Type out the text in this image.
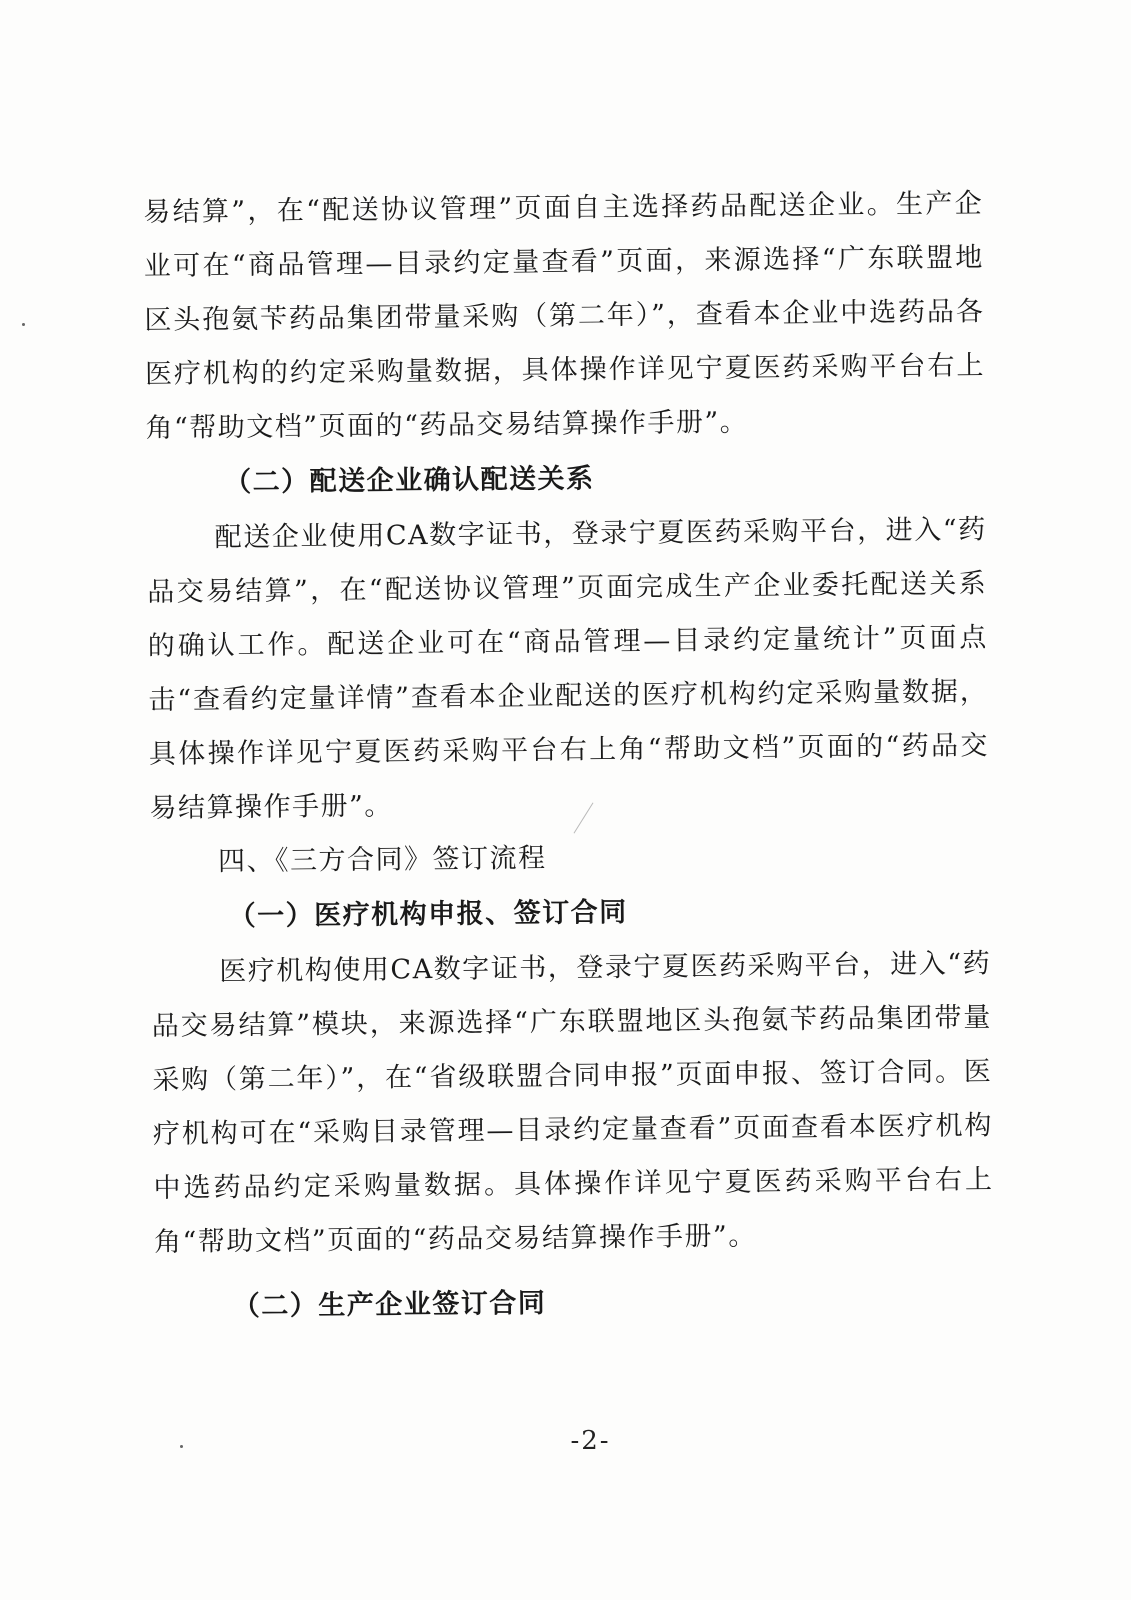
易结算”，在“配送协议管理”页面自主选择药品配送企业。生产企业可在“商品管理—目录约定量查看”页面，来源选择“广东联盟地区头孢氨苄药品集团带量采购（第二年）”，查看本企业中选药品各医疗机构的约定采购量数据，具体操作详见宁夏医药采购平台右上角“帮助文档”页面的“药品交易结算操作手册”。

（二）配送企业确认配送关系

配送企业使用CA数字证书，登录宁夏医药采购平台，进入“药品交易结算”，在“配送协议管理”页面完成生产企业委托配送关系的确认工作。配送企业可在“商品管理—目录约定量统计”页面点击“查看约定量详情”查看本企业配送的医疗机构约定采购量数据，具体操作详见宁夏医药采购平台右上角“帮助文档”页面的“药品交易结算操作手册”。

四、《三方合同》签订流程

（一）医疗机构申报、签订合同

医疗机构使用CA数字证书，登录宁夏医药采购平台，进入“药品交易结算”模块，来源选择“广东联盟地区头孢氨苄药品集团带量采购（第二年）”，在“省级联盟合同申报”页面申报、签订合同。医疗机构可在“采购目录管理—目录约定量查看”页面查看本医疗机构中选药品约定采购量数据。具体操作详见宁夏医药采购平台右上角“帮助文档”页面的“药品交易结算操作手册”。

（二）生产企业签订合同

-2-
